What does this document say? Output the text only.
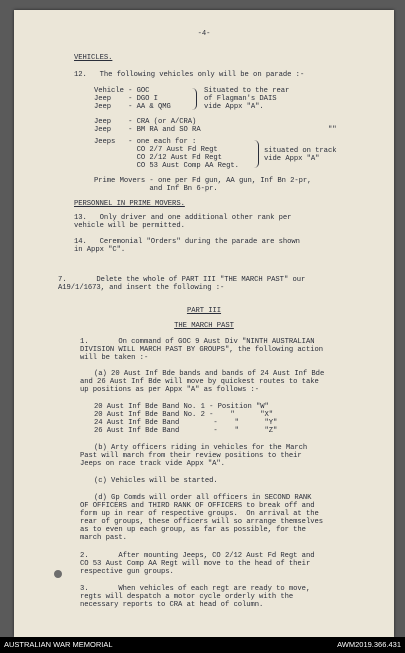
-4-
VEHICLES.
12.   The following vehicles only will be on parade :-
Vehicle - GOC
Jeep    - DGO I
Jeep    - AA & QMG
Situated to the rear
of Flagman's DAIS
vide Appx "A".
Jeep    - CRA (or A/CRA)
Jeep    - BM RA and SO RA	""
Jeeps   - one each for :
CO 2/7 Aust Fd Regt
CO 2/12 Aust Fd Regt
CO 53 Aust Comp AA Regt.
situated on track
vide Appx "A"
Prime Movers - one per Fd gun, AA gun, Inf Bn 2-pr,
and Inf Bn 6-pr.
PERSONNEL IN PRIME MOVERS.
13.   Only driver and one additional other rank per
vehicle will be permitted.
14.   Ceremonial "Orders" during the parade are shown
in Appx "C".
7.       Delete the whole of PART III "THE MARCH PAST" our
A19/1/1673, and insert the following :-
PART III
THE MARCH PAST
1.       On command of GOC 9 Aust Div "NINTH AUSTRALIAN
DIVISION WILL MARCH PAST BY GROUPS", the following action
will be taken :-
(a) 20 Aust Inf Bde bands and bands of 24 Aust Inf Bde
and 26 Aust Inf Bde will move by quickest routes to take
up positions as per Appx "A" as follows :-
20 Aust Inf Bde Band No. 1 - Position "W"
20 Aust Inf Bde Band No. 2 -    "      "X"
24 Aust Inf Bde Band        -    "      "Y"
26 Aust Inf Bde Band        -    "      "Z"
(b) Arty officers riding in vehicles for the March
Past will march from their review positions to their
Jeeps on race track vide Appx "A".
(c) Vehicles will be started.
(d) Gp Comds will order all officers in SECOND RANK
OF OFFICERS and THIRD RANK OF OFFICERS to break off and
form up in rear of respective groups.  On arrival at the
rear of groups, these officers will so arrange themselves
as to even up each group, as far as possible, for the
march past.
2.       After mounting Jeeps, CO 2/12 Aust Fd Regt and
CO 53 Aust Comp AA Regt will move to the head of their
respective gun groups.
3.       When vehicles of each regt are ready to move,
regts will despatch a motor cycle orderly with the
necessary reports to CRA at head of column.
AUSTRALIAN WAR MEMORIAL	AWM2019.366.431
